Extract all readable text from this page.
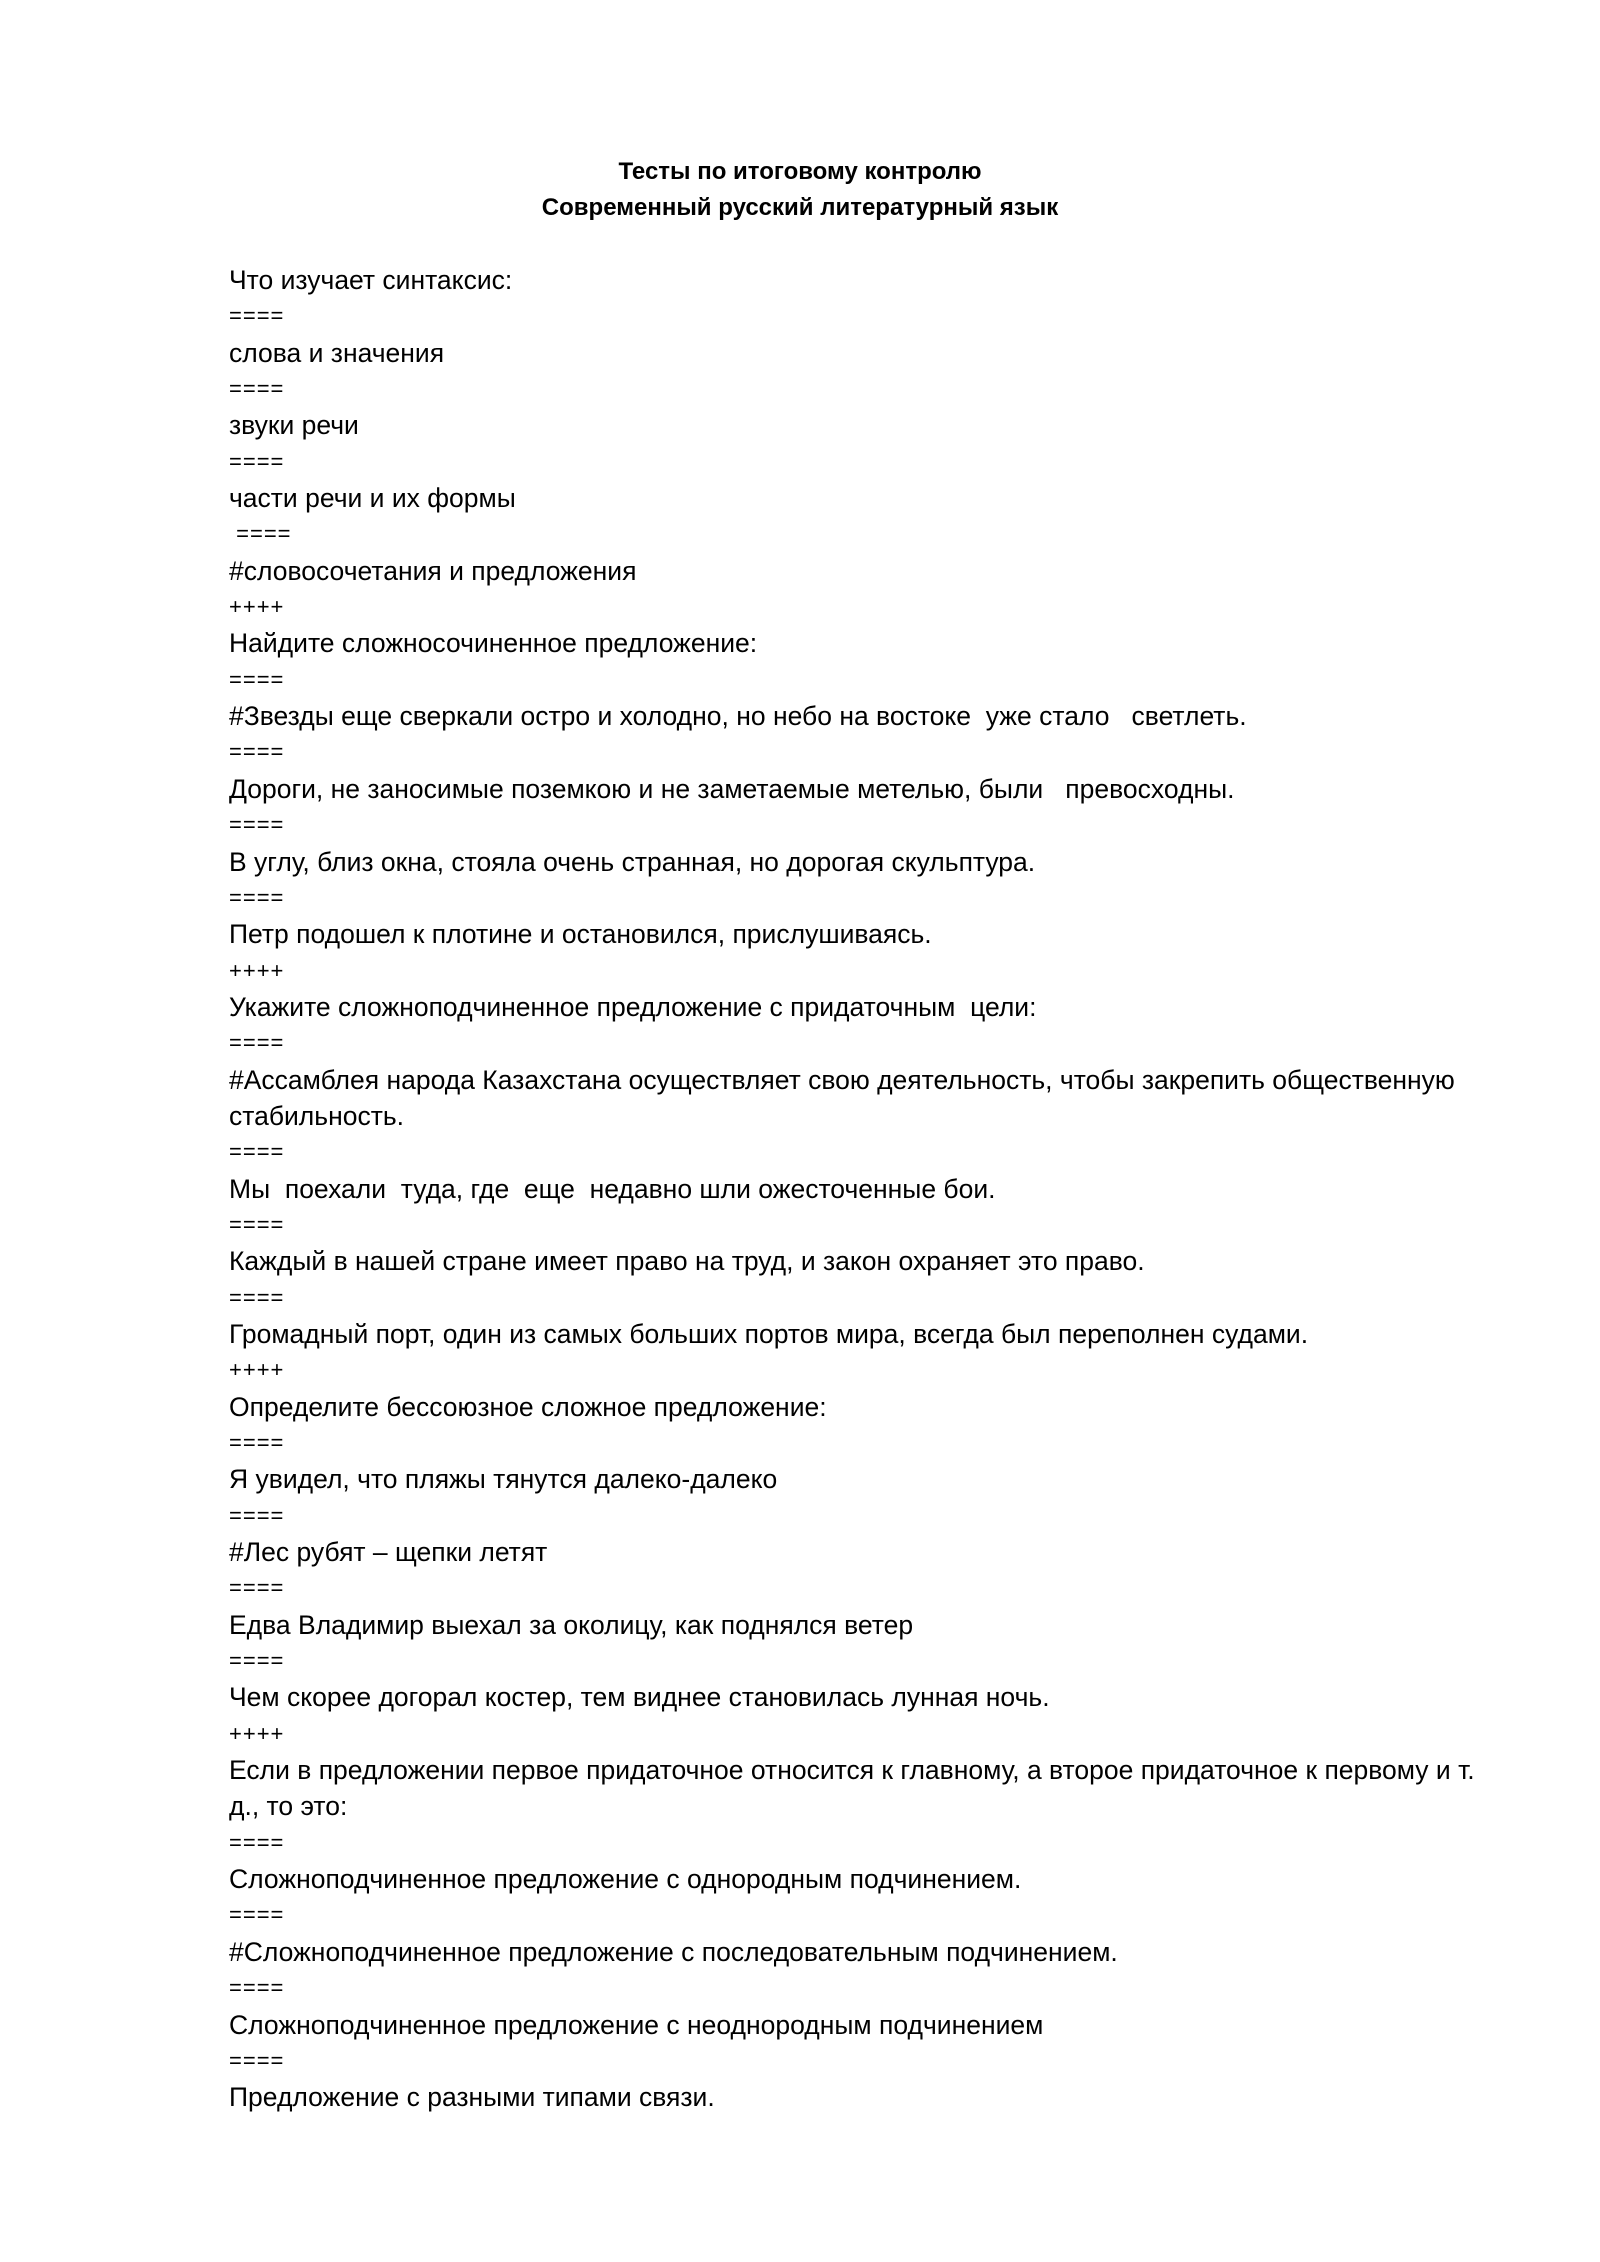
Тесты по итоговому контролю
Современный русский литературный язык
Что изучает синтаксис:
====
слова и значения
====
звуки речи
====
части речи и их формы
====
#словосочетания и предложения
++++
Найдите сложносочиненное предложение:
====
#Звезды еще сверкали остро и холодно, но небо на востоке  уже стало   светлеть.
====
Дороги, не заносимые поземкою и не заметаемые метелью, были   превосходны.
====
В углу, близ окна, стояла очень странная, но дорогая скульптура.
====
Петр подошел к плотине и остановился, прислушиваясь.
++++
Укажите сложноподчиненное предложение с придаточным  цели:
====
#Ассамблея народа Казахстана осуществляет свою деятельность, чтобы закрепить общественную стабильность.
====
Мы  поехали  туда, где  еще  недавно шли ожесточенные бои.
====
Каждый в нашей стране имеет право на труд, и закон охраняет это право.
====
Громадный порт, один из самых больших портов мира, всегда был переполнен судами.
++++
Определите бессоюзное сложное предложение:
====
Я увидел, что пляжы тянутся далеко-далеко
====
#Лес рубят – щепки летят
====
Едва Владимир выехал за околицу, как поднялся ветер
====
Чем скорее догорал костер, тем виднее становилась лунная ночь.
++++
Если в предложении первое придаточное относится к главному, а второе придаточное к первому и т. д., то это:
====
Сложноподчиненное предложение с однородным подчинением.
====
#Сложноподчиненное предложение с последовательным подчинением.
====
Сложноподчиненное предложение с неоднородным подчинением
====
Предложение с разными типами связи.
